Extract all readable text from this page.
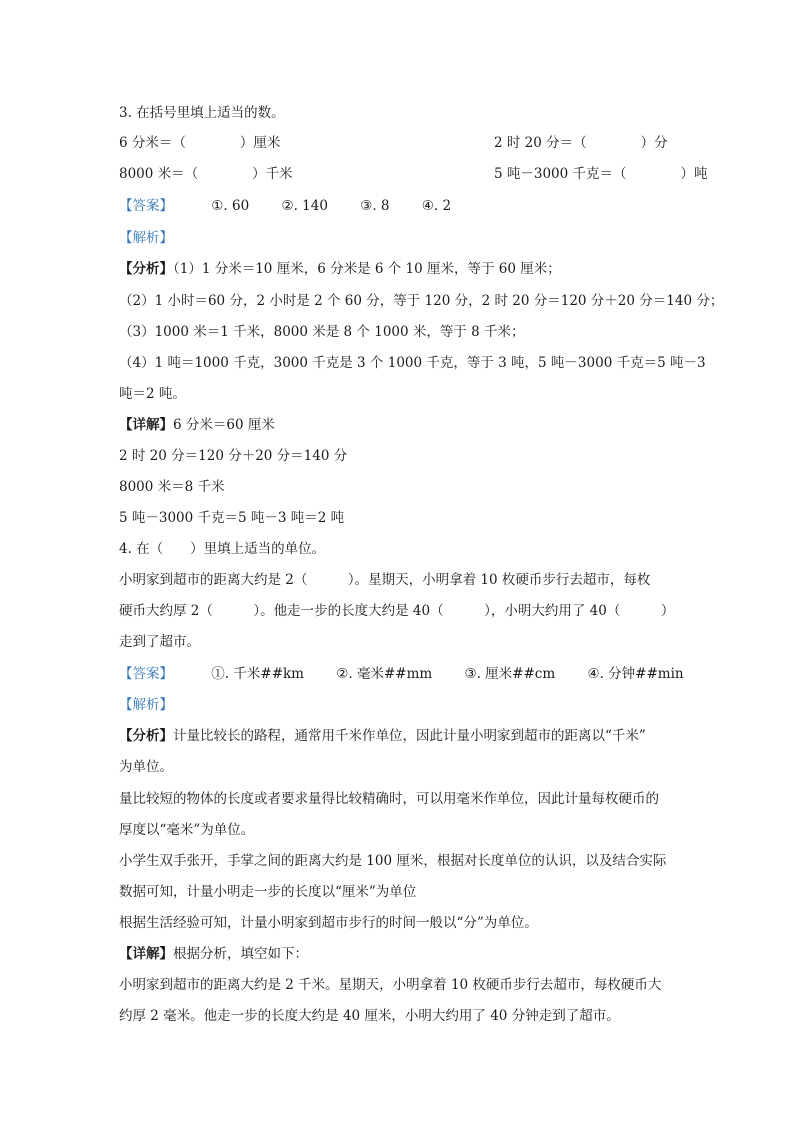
3. 在括号里填上适当的数。
6 分米＝（　　　　）厘米	2 时 20 分＝（　　　　）分
8000 米＝（　　　　）千米	5 吨－3000 千克＝（　　　　）吨
【答案】	①. 60 ②. 140 ③. 8 ④. 2
【解析】
【分析】（1）1 分米＝10 厘米，6 分米是 6 个 10 厘米，等于 60 厘米；
（2）1 小时＝60 分，2 小时是 2 个 60 分，等于 120 分，2 时 20 分＝120 分＋20 分＝140 分；
（3）1000 米＝1 千米，8000 米是 8 个 1000 米，等于 8 千米；
（4）1 吨＝1000 千克，3000 千克是 3 个 1000 千克，等于 3 吨，5 吨－3000 千克＝5 吨－3
吨＝2 吨。
【详解】6 分米＝60 厘米
2 时 20 分＝120 分＋20 分＝140 分
8000 米＝8 千米
5 吨－3000 千克＝5 吨－3 吨＝2 吨
4. 在（　　）里填上适当的单位。
小明家到超市的距离大约是 2（　　　）。星期天，小明拿着 10 枚硬币步行去超市，每枚
硬币大约厚 2（　　　）。他走一步的长度大约是 40（　　　），小明大约用了 40（　　　）
走到了超市。
【答案】	①. 千米##km ②. 毫米##mm ③. 厘米##cm ④. 分钟##min
【解析】
【分析】计量比较长的路程，通常用千米作单位，因此计量小明家到超市的距离以“千米”
为单位。
量比较短的物体的长度或者要求量得比较精确时，可以用毫米作单位，因此计量每枚硬币的
厚度以“毫米”为单位。
小学生双手张开，手掌之间的距离大约是 100 厘米，根据对长度单位的认识，以及结合实际
数据可知，计量小明走一步的长度以“厘米”为单位
根据生活经验可知，计量小明家到超市步行的时间一般以“分”为单位。
【详解】根据分析，填空如下：
小明家到超市的距离大约是 2 千米。星期天，小明拿着 10 枚硬币步行去超市，每枚硬币大
约厚 2 毫米。他走一步的长度大约是 40 厘米，小明大约用了 40 分钟走到了超市。
